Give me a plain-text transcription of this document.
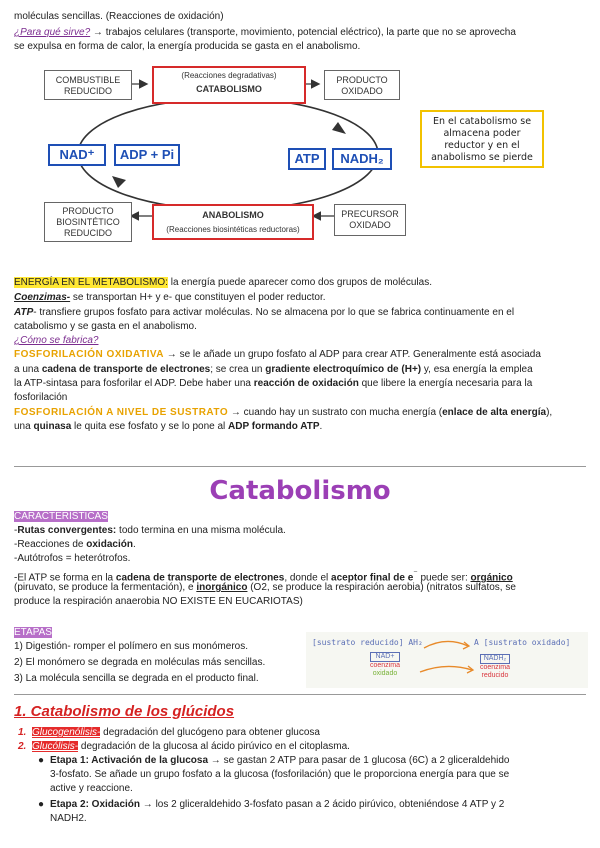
moléculas sencillas. (Reacciones de oxidación)
¿Para qué sirve? → trabajos celulares (transporte, movimiento, potencial eléctrico), la parte que no se aprovecha
se expulsa en forma de calor, la energía producida se gasta en el anabolismo.
COMBUSTIBLE REDUCIDO
(Reacciones degradativas)
CATABOLISMO
PRODUCTO OXIDADO
NAD⁺	ADP + Pi	ATP	NADH₂
PRODUCTO BIOSINTÉTICO REDUCIDO
ANABOLISMO
(Reacciones biosintéticas reductoras)
PRECURSOR OXIDADO
En el catabolismo se almacena poder reductor y en el anabolismo se pierde
ENERGÍA EN EL METABOLISMO: la energía puede aparecer como dos grupos de moléculas.
Coenzimas- se transportan H+ y e- que constituyen el poder reductor.
ATP- transfiere grupos fosfato para activar moléculas. No se almacena por lo que se fabrica continuamente en el
catabolismo y se gasta en el anabolismo.
¿Cómo se fabrica?
FOSFORILACIÓN OXIDATIVA → se le añade un grupo fosfato al ADP para crear ATP. Generalmente está asociada
a una cadena de transporte de electrones; se crea un gradiente electroquímico de (H+) y, esa energía la emplea
la ATP-sintasa para fosforilar el ADP. Debe haber una reacción de oxidación que libere la energía necesaria para la
fosforilación
FOSFORILACIÓN A NIVEL DE SUSTRATO → cuando hay un sustrato con mucha energía (enlace de alta energía),
una quinasa le quita ese fosfato y se lo pone al ADP formando ATP.
Catabolismo
CARACTERÍSTICAS
-Rutas convergentes: todo termina en una misma molécula.
-Reacciones de oxidación.
-Autótrofos = heterótrofos.
-El ATP se forma en la cadena de transporte de electrones, donde el aceptor final de e⁻ puede ser: orgánico
(piruvato, se produce la fermentación), e inorgánico (O2, se produce la respiración aerobia) (nitratos sulfatos, se
produce la respiración anaerobia NO EXISTE EN EUCARIOTAS)
ETAPAS
1) Digestión- romper el polímero en sus monómeros.
2) El monómero se degrada en moléculas más sencillas.
3) La molécula sencilla se degrada en el producto final.
[sustrato reducido] AH₂	A [sustrato oxidado]
NAD+
coenzima
oxidado
NADH₂
coenzima
reducido
1. Catabolismo de los glúcidos
1. Glucogenólisis- degradación del glucógeno para obtener glucosa
2. Glucólisis- degradación de la glucosa al ácido pirúvico en el citoplasma.
● Etapa 1: Activación de la glucosa → se gastan 2 ATP para pasar de 1 glucosa (6C) a 2 gliceraldehido
3-fosfato. Se añade un grupo fosfato a la glucosa (fosforilación) que le proporciona energía para que se
active y reaccione.
● Etapa 2: Oxidación → los 2 gliceraldehido 3-fosfato pasan a 2 ácido pirúvico, obteniéndose 4 ATP y 2
NADH2.
